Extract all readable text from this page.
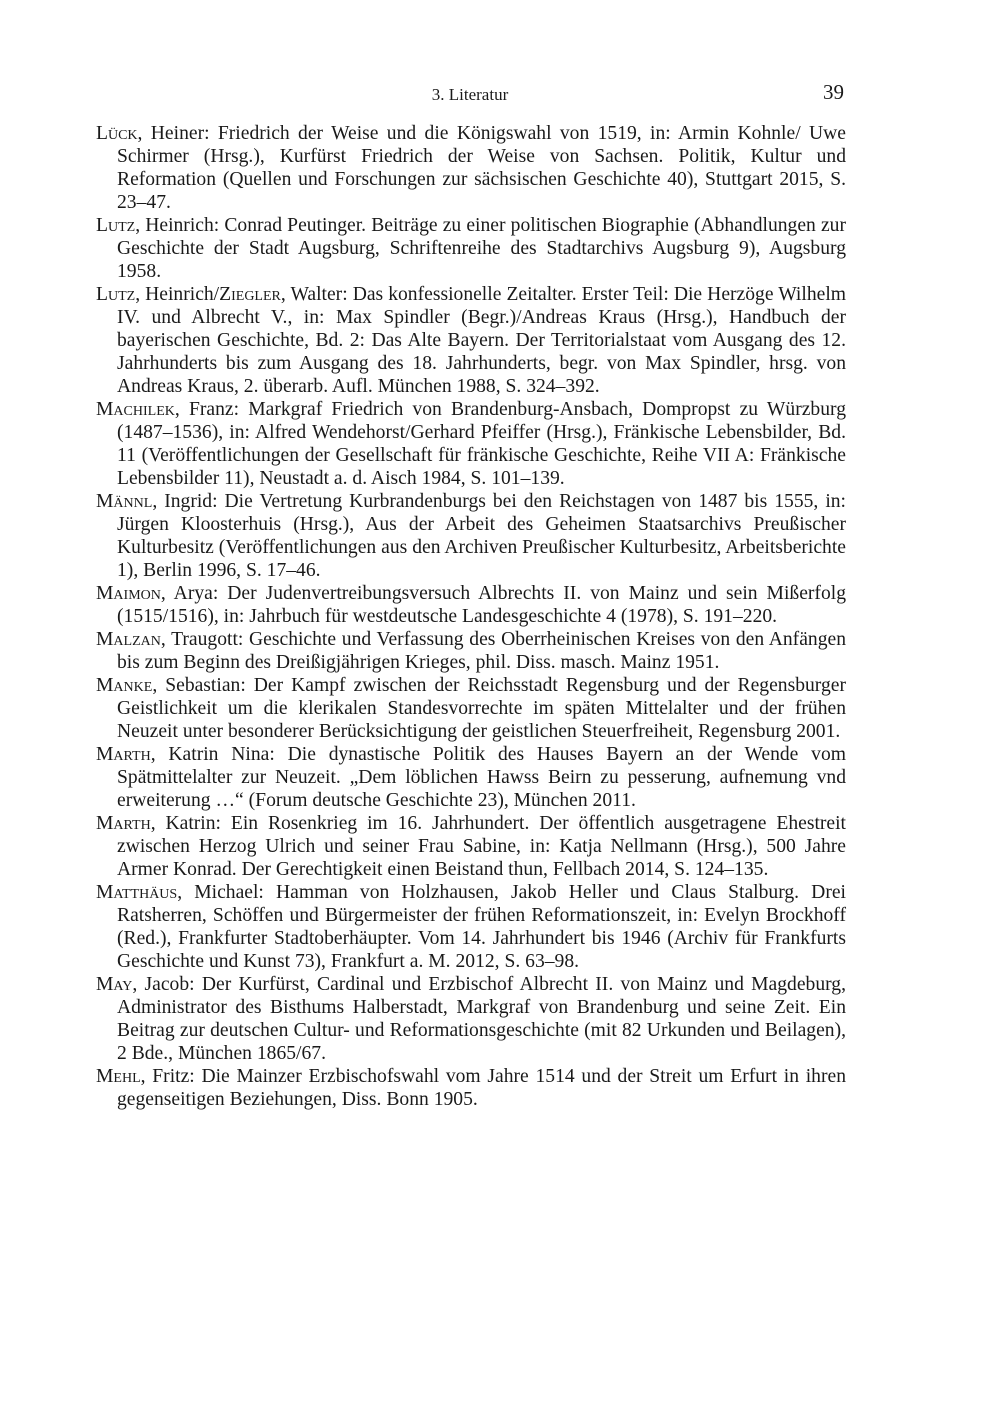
3. Literatur	39

Lück, Heiner: Friedrich der Weise und die Königswahl von 1519, in: Armin Kohnle/ Uwe Schirmer (Hrsg.), Kurfürst Friedrich der Weise von Sachsen. Politik, Kultur und Reformation (Quellen und Forschungen zur sächsischen Geschichte 40), Stuttgart 2015, S. 23–47.

Lutz, Heinrich: Conrad Peutinger. Beiträge zu einer politischen Biographie (Abhandlungen zur Geschichte der Stadt Augsburg, Schriftenreihe des Stadtarchivs Augsburg 9), Augsburg 1958.

Lutz, Heinrich/Ziegler, Walter: Das konfessionelle Zeitalter. Erster Teil: Die Herzöge Wilhelm IV. und Albrecht V., in: Max Spindler (Begr.)/Andreas Kraus (Hrsg.), Handbuch der bayerischen Geschichte, Bd. 2: Das Alte Bayern. Der Territorialstaat vom Ausgang des 12. Jahrhunderts bis zum Ausgang des 18. Jahrhunderts, begr. von Max Spindler, hrsg. von Andreas Kraus, 2. überarb. Aufl. München 1988, S. 324–392.

Machilek, Franz: Markgraf Friedrich von Brandenburg-Ansbach, Dompropst zu Würzburg (1487–1536), in: Alfred Wendehorst/Gerhard Pfeiffer (Hrsg.), Fränkische Lebensbilder, Bd. 11 (Veröffentlichungen der Gesellschaft für fränkische Geschichte, Reihe VII A: Fränkische Lebensbilder 11), Neustadt a. d. Aisch 1984, S. 101–139.

Männl, Ingrid: Die Vertretung Kurbrandenburgs bei den Reichstagen von 1487 bis 1555, in: Jürgen Kloosterhuis (Hrsg.), Aus der Arbeit des Geheimen Staatsarchivs Preußischer Kulturbesitz (Veröffentlichungen aus den Archiven Preußischer Kulturbesitz, Arbeitsberichte 1), Berlin 1996, S. 17–46.

Maimon, Arya: Der Judenvertreibungsversuch Albrechts II. von Mainz und sein Mißerfolg (1515/1516), in: Jahrbuch für westdeutsche Landesgeschichte 4 (1978), S. 191–220.

Malzan, Traugott: Geschichte und Verfassung des Oberrheinischen Kreises von den Anfängen bis zum Beginn des Dreißigjährigen Krieges, phil. Diss. masch. Mainz 1951.

Manke, Sebastian: Der Kampf zwischen der Reichsstadt Regensburg und der Regensburger Geistlichkeit um die klerikalen Standesvorrechte im späten Mittelalter und der frühen Neuzeit unter besonderer Berücksichtigung der geistlichen Steuerfreiheit, Regensburg 2001.

Marth, Katrin Nina: Die dynastische Politik des Hauses Bayern an der Wende vom Spätmittelalter zur Neuzeit. „Dem löblichen Hawss Beirn zu pesserung, aufnemung vnd erweiterung …“ (Forum deutsche Geschichte 23), München 2011.

Marth, Katrin: Ein Rosenkrieg im 16. Jahrhundert. Der öffentlich ausgetragene Ehestreit zwischen Herzog Ulrich und seiner Frau Sabine, in: Katja Nellmann (Hrsg.), 500 Jahre Armer Konrad. Der Gerechtigkeit einen Beistand thun, Fellbach 2014, S. 124–135.

Matthäus, Michael: Hamman von Holzhausen, Jakob Heller und Claus Stalburg. Drei Ratsherren, Schöffen und Bürgermeister der frühen Reformationszeit, in: Evelyn Brockhoff (Red.), Frankfurter Stadtoberhäupter. Vom 14. Jahrhundert bis 1946 (Archiv für Frankfurts Geschichte und Kunst 73), Frankfurt a. M. 2012, S. 63–98.

May, Jacob: Der Kurfürst, Cardinal und Erzbischof Albrecht II. von Mainz und Magdeburg, Administrator des Bisthums Halberstadt, Markgraf von Brandenburg und seine Zeit. Ein Beitrag zur deutschen Cultur- und Reformationsgeschichte (mit 82 Urkunden und Beilagen), 2 Bde., München 1865/67.

Mehl, Fritz: Die Mainzer Erzbischofswahl vom Jahre 1514 und der Streit um Erfurt in ihren gegenseitigen Beziehungen, Diss. Bonn 1905.
